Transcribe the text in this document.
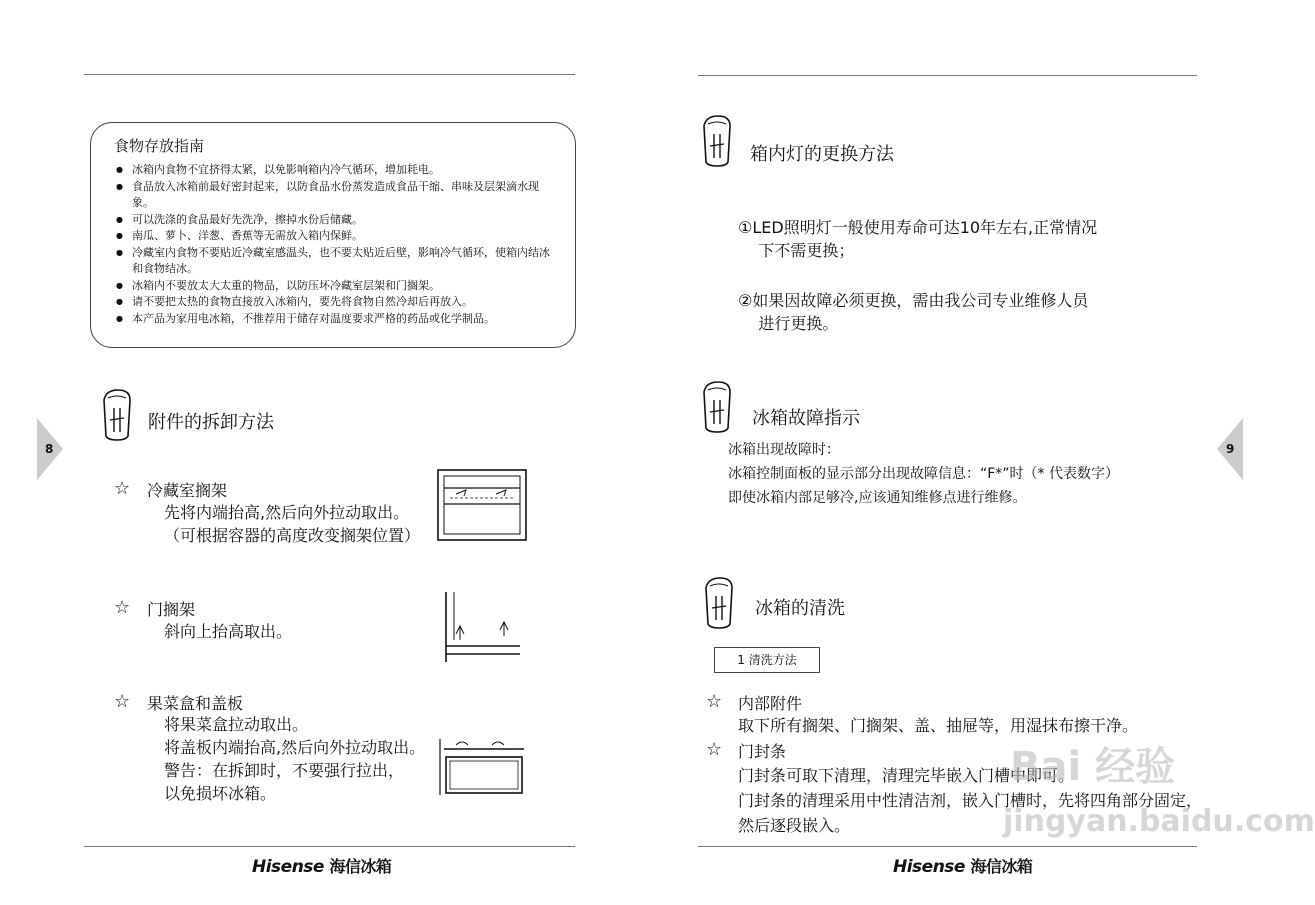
食物存放指南
● 冰箱内食物不宜挤得太紧，以免影响箱内冷气循环，增加耗电。
● 食品放入冰箱前最好密封起来，以防食品水份蒸发造成食品干缩、串味及层架滴水现象。
● 可以洗涤的食品最好先洗净，擦掉水份后储藏。
● 南瓜、萝卜、洋葱、香蕉等无需放入箱内保鲜。
● 冷藏室内食物不要贴近冷藏室感温头，也不要太贴近后壁，影响冷气循环，使箱内结冰和食物结冰。
● 冰箱内不要放太大太重的物品，以防压坏冷藏室层架和门搁架。
● 请不要把太热的食物直接放入冰箱内，要先将食物自然冷却后再放入。
● 本产品为家用电冰箱，不推荐用于储存对温度要求严格的药品或化学制品。
附件的拆卸方法
☆ 冷藏室搁架
先将内端抬高,然后向外拉动取出。
（可根据容器的高度改变搁架位置）
☆ 门搁架
斜向上抬高取出。
☆ 果菜盒和盖板
将果菜盒拉动取出。
将盖板内端抬高,然后向外拉动取出。
警告：在拆卸时，不要强行拉出，
以免损坏冰箱。
Hisense 海信冰箱
8
箱内灯的更换方法
①LED照明灯一般使用寿命可达10年左右,正常情况
下不需更换；
②如果因故障必须更换，需由我公司专业维修人员
进行更换。
冰箱故障指示
冰箱出现故障时：
冰箱控制面板的显示部分出现故障信息：“F*”时（* 代表数字）
即使冰箱内部足够冷,应该通知维修点进行维修。
冰箱的清洗
1 清洗方法
☆ 内部附件
取下所有搁架、门搁架、盖、抽屉等，用湿抹布擦干净。
☆ 门封条
门封条可取下清理，清理完毕嵌入门槽中即可。
门封条的清理采用中性清洁剂，嵌入门槽时，先将四角部分固定，
然后逐段嵌入。
Bai 经验
jingyan.baidu.com
Hisense 海信冰箱
9
